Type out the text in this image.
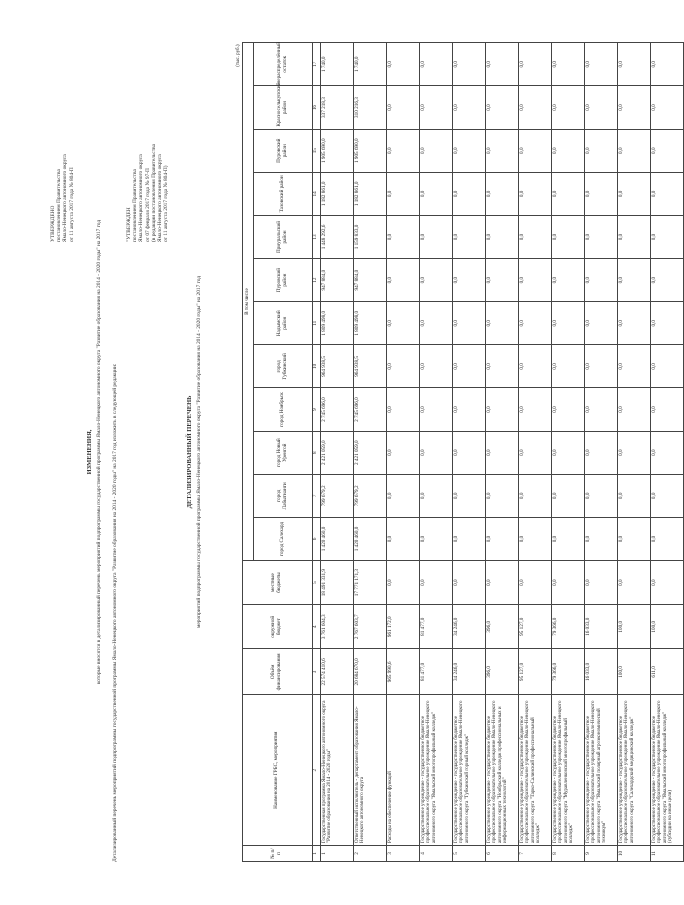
УТВЕРЖДЕНО
постановлением Правительства
Ямало-Ненецкого автономного округа
от 11 августа 2017 года № 804-П
ИЗМЕНЕНИЯ, которые вносятся в детализированный перечень мероприятий подпрограммы государственной программы Ямало-Ненецкого автономного округа "Развитие образования на 2014 - 2020 годы" на 2017 год Детализированный перечень мероприятий подпрограммы государственной программы Ямало-Ненецкого автономного округа "Развитие образования на 2014 - 2020 годы" на 2017 год изложить в следующей редакции:
"УТВЕРЖДЕН
постановлением Правительства
Ямало-Ненецкого автономного округа
от 07 февраля 2017 года № 97-П
(в редакции постановления Правительства
Ямало-Ненецкого автономного округа
от 11 августа 2017 года № 804-П)
ДЕТАЛИЗИРОВАННЫЙ ПЕРЕЧЕНЬ мероприятий подпрограммы государственной программы Ямало-Ненецкого автономного округа "Развитие образования на 2014 - 2020 годы" на 2017 год
(тыс. руб.)																
№ п/п	Наименование ГРБС, мероприятия	Объём финансирования	окружной бюджет	местные бюджеты	В том числе											
					город Салехард	город Лабытнанги	город Новый Уренгой	город Ноябрьск	город Губкинский	Надымский район	Пуровский район	Приуральский район	Тазовский район	Пуровский район	Красноселькупский район	нераспределённый остаток
1	2	3	4	5	6	7	8	9	10	11	12	13	14	15	16	17
1	Государственная программа Ямало-Ненецкого автономного округа "Развитие образования на 2014 - 2020 годы"	22 574 410,6	3 761 604,3	18 491 331,9	1 420 460,0	799 679,2	2 421 059,0	2 745 696,0	964 938,5	1 809 498,0	947 884,0	1 448 292,6	1 182 861,0	1 905 690,0	337 218,3	1 740,0
2	Ответственный исполнитель - департамент образования Ямало-Ненецкого автономного округа	20 684 670,0	2 767 603,7	17 771 171,3	1 420 460,0	799 679,2	2 421 059,0	2 745 696,0	964 938,5	1 809 498,0	947 884,0	1 159 833,0	1 182 861,0	1 905 690,0	310 216,3	1 740,0
3	Расходы на обеспечение функций	965 990,6	961 172,0	0,0	0,0	0,0	0,0	0,0	0,0	0,0	0,0	0,0	0,0	0,0	0,0	0,0
4	Государственное учреждение - государственное бюджетное профессиональное образовательное учреждение Ямало-Ненецкого автономного округа "Ямальский многопрофильный колледж"	81 477,0	81 477,0	0,0	0,0	0,0	0,0	0,0	0,0	0,0	0,0	0,0	0,0	0,0	0,0	0,0
5	Государственное учреждение - государственное бюджетное профессиональное образовательное учреждение Ямало-Ненецкого автономного округа "Губкинский горный колледж"	34 246,0	34 246,0	0,0	0,0	0,0	0,0	0,0	0,0	0,0	0,0	0,0	0,0	0,0	0,0	0,0
6	Государственное учреждение - государственное бюджетное профессиональное образовательное учреждение Ямало-Ненецкого автономного округа "Ноябрьский колледж профессиональных и информационных технологий"	396,0	396,0	0,0	0,0	0,0	0,0	0,0	0,0	0,0	0,0	0,0	0,0	0,0	0,0	0,0
7	Государственное учреждение - государственное бюджетное профессиональное образовательное учреждение Ямало-Ненецкого автономного округа "Тарко-Салинский профессиональный колледж"	95 127,0	95 127,0	0,0	0,0	0,0	0,0	0,0	0,0	0,0	0,0	0,0	0,0	0,0	0,0	0,0
8	Государственное учреждение - государственное бюджетное профессиональное образовательное учреждение Ямало-Ненецкого автономного округа "Муравленковский многопрофильный колледж"	79 366,0	79 366,0	0,0	0,0	0,0	0,0	0,0	0,0	0,0	0,0	0,0	0,0	0,0	0,0	0,0
9	Государственное учреждение - государственное бюджетное профессиональное образовательное учреждение Ямало-Ненецкого автономного округа "Ямальский полярный агроэкономический техникум"	16 033,0	16 033,0	0,0	0,0	0,0	0,0	0,0	0,0	0,0	0,0	0,0	0,0	0,0	0,0	0,0
10	Государственное учреждение - государственное бюджетное профессиональное образовательное учреждение Ямало-Ненецкого автономного округа "Салехардский медицинский колледж"	100,0	100,0	0,0	0,0	0,0	0,0	0,0	0,0	0,0	0,0	0,0	0,0	0,0	0,0	0,0
11	Государственное учреждение - государственное бюджетное профессиональное образовательное учреждение Ямало-Ненецкого автономного округа "Ямальский многопрофильный колледж" (субсидии на иные цели)	611,0	100,0	0,0	0,0	0,0	0,0	0,0	0,0	0,0	0,0	0,0	0,0	0,0	0,0	0,0
